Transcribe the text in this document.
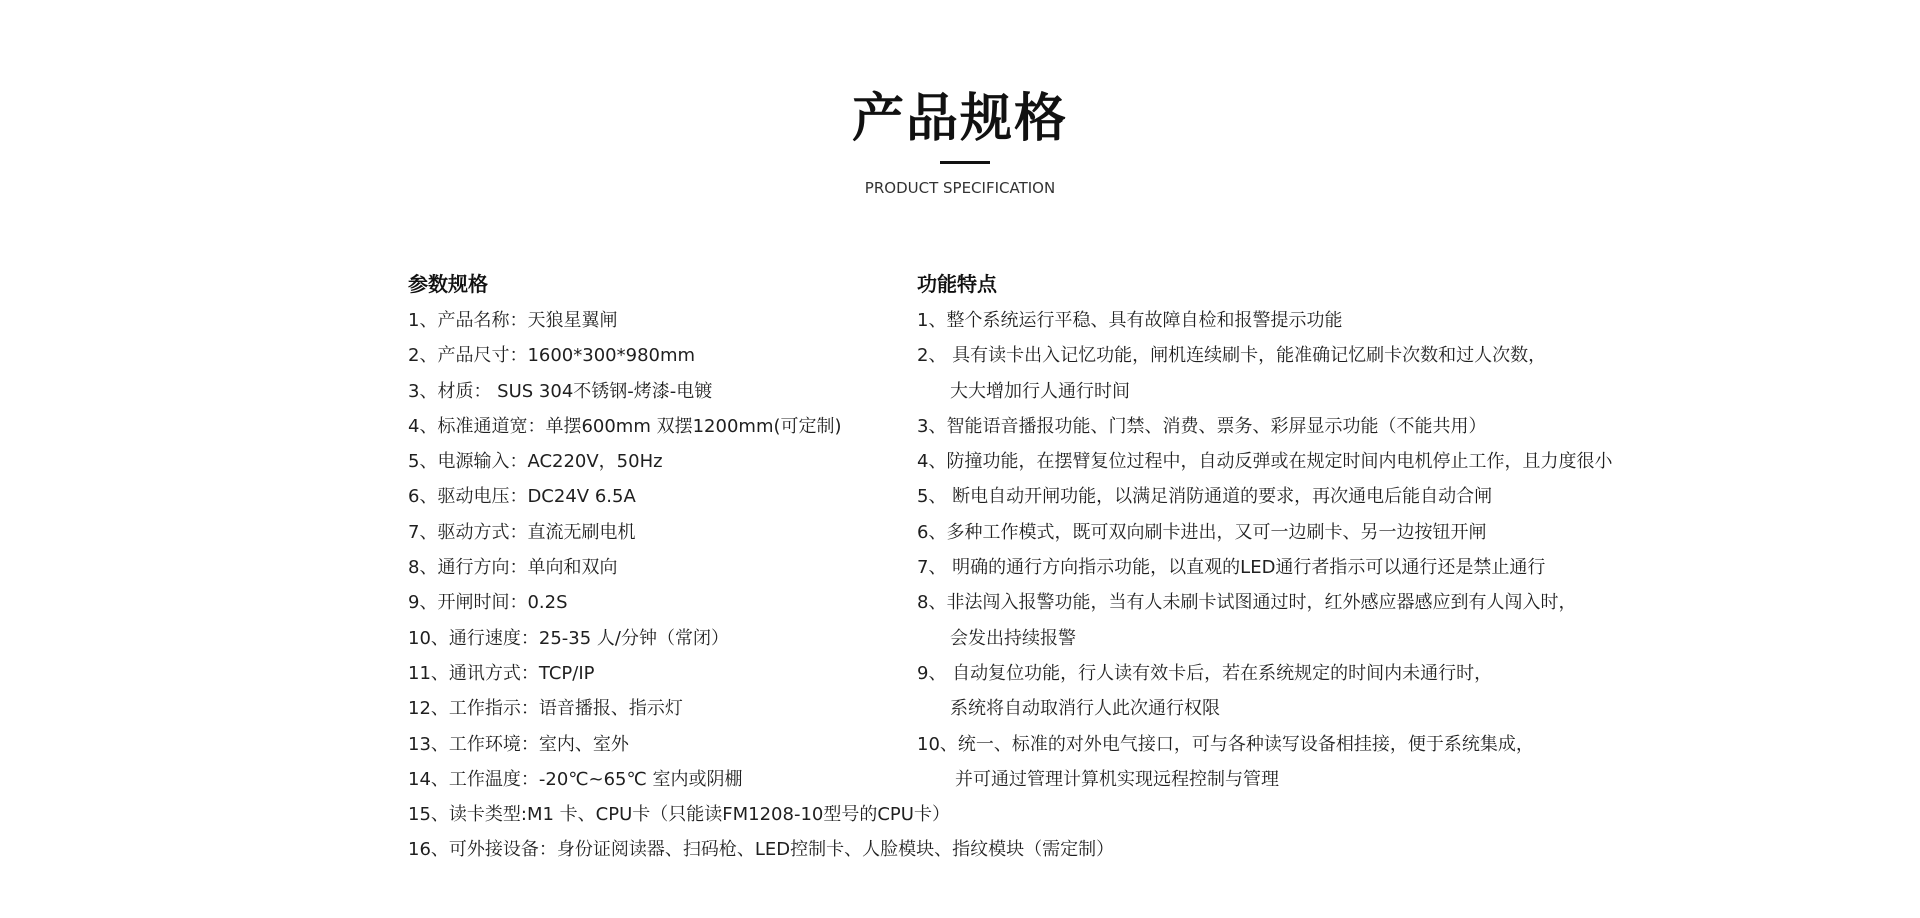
产品规格
PRODUCT SPECIFICATION
参数规格
1、产品名称：天狼星翼闸
2、产品尺寸：1600*300*980mm
3、材质： SUS 304不锈钢-烤漆-电镀
4、标准通道宽：单摆600mm 双摆1200mm(可定制)
5、电源输入：AC220V，50Hz
6、驱动电压：DC24V 6.5A
7、驱动方式：直流无刷电机
8、通行方向：单向和双向
9、开闸时间：0.2S
10、通行速度：25-35 人/分钟（常闭）
11、通讯方式：TCP/IP
12、工作指示：语音播报、指示灯
13、工作环境：室内、室外
14、工作温度：-20℃~65℃ 室内或阴棚
15、读卡类型:M1 卡、CPU卡（只能读FM1208-10型号的CPU卡）
16、可外接设备：身份证阅读器、扫码枪、LED控制卡、人脸模块、指纹模块（需定制）
功能特点
1、整个系统运行平稳、具有故障自检和报警提示功能
2、 具有读卡出入记忆功能，闸机连续刷卡，能准确记忆刷卡次数和过人次数，
大大增加行人通行时间
3、智能语音播报功能、门禁、消费、票务、彩屏显示功能（不能共用）
4、防撞功能，在摆臂复位过程中，自动反弹或在规定时间内电机停止工作，且力度很小
5、 断电自动开闸功能，以满足消防通道的要求，再次通电后能自动合闸
6、多种工作模式，既可双向刷卡进出，又可一边刷卡、另一边按钮开闸
7、 明确的通行方向指示功能，以直观的LED通行者指示可以通行还是禁止通行
8、非法闯入报警功能，当有人未刷卡试图通过时，红外感应器感应到有人闯入时，
会发出持续报警
9、 自动复位功能，行人读有效卡后，若在系统规定的时间内未通行时，
系统将自动取消行人此次通行权限
10、统一、标准的对外电气接口，可与各种读写设备相挂接，便于系统集成，
并可通过管理计算机实现远程控制与管理
